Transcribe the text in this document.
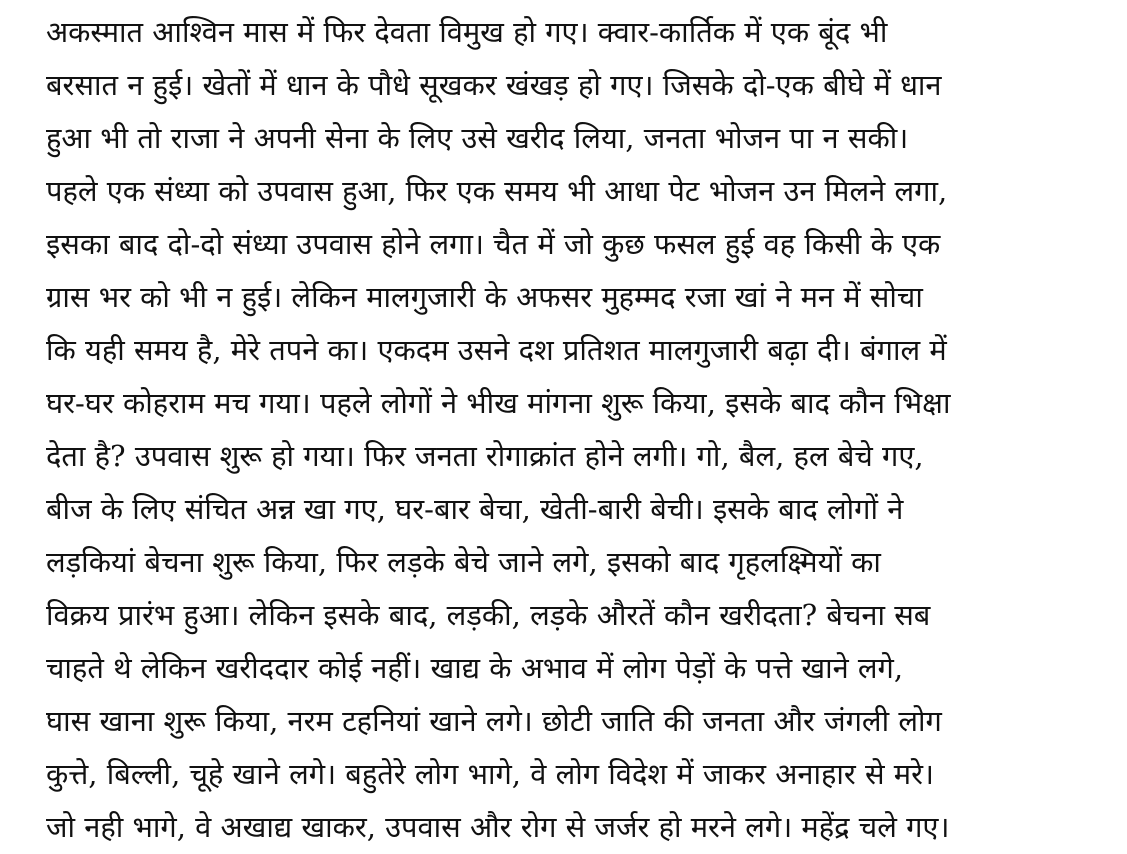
अकस्मात आश्विन मास में फिर देवता विमुख हो गए। क्वार-कार्तिक में एक बूंद भी
बरसात न हुई। खेतों में धान के पौधे सूखकर खंखड़ हो गए। जिसके दो-एक बीघे में धान
हुआ भी तो राजा ने अपनी सेना के लिए उसे खरीद लिया, जनता भोजन पा न सकी।
पहले एक संध्या को उपवास हुआ, फिर एक समय भी आधा पेट भोजन उन मिलने लगा,
इसका बाद दो-दो संध्या उपवास होने लगा। चैत में जो कुछ फसल हुई वह किसी के एक
ग्रास भर को भी न हुई। लेकिन मालगुजारी के अफसर मुहम्मद रजा खां ने मन में सोचा
कि यही समय है, मेरे तपने का। एकदम उसने दश प्रतिशत मालगुजारी बढ़ा दी। बंगाल में
घर-घर कोहराम मच गया। पहले लोगों ने भीख मांगना शुरू किया, इसके बाद कौन भिक्षा
देता है? उपवास शुरू हो गया। फिर जनता रोगाक्रांत होने लगी। गो, बैल, हल बेचे गए,
बीज के लिए संचित अन्न खा गए, घर-बार बेचा, खेती-बारी बेची। इसके बाद लोगों ने
लड़कियां बेचना शुरू किया, फिर लड़के बेचे जाने लगे, इसको बाद गृहलक्ष्मियों का
विक्रय प्रारंभ हुआ। लेकिन इसके बाद, लड़की, लड़के औरतें कौन खरीदता? बेचना सब
चाहते थे लेकिन खरीददार कोई नहीं। खाद्य के अभाव में लोग पेड़ों के पत्ते खाने लगे,
घास खाना शुरू किया, नरम टहनियां खाने लगे। छोटी जाति की जनता और जंगली लोग
कुत्ते, बिल्ली, चूहे खाने लगे। बहुतेरे लोग भागे, वे लोग विदेश में जाकर अनाहार से मरे।
जो नही भागे, वे अखाद्य खाकर, उपवास और रोग से जर्जर हो मरने लगे। महेंद्र चले गए।
